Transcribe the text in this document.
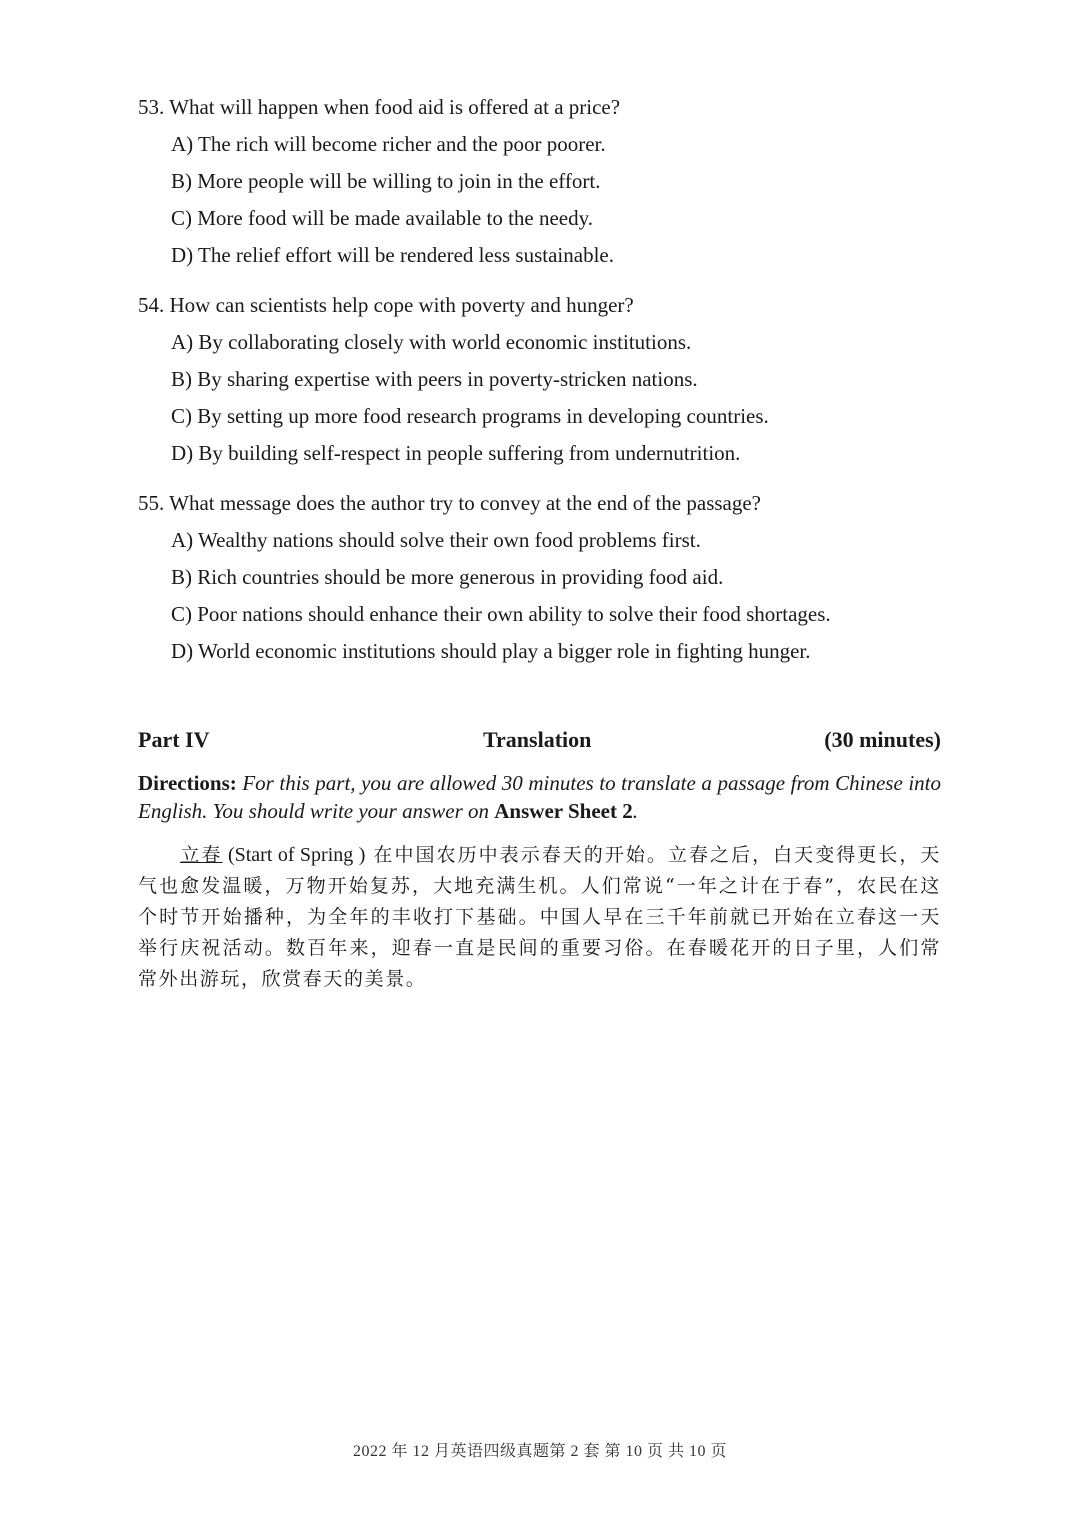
53. What will happen when food aid is offered at a price?
A) The rich will become richer and the poor poorer.
B) More people will be willing to join in the effort.
C) More food will be made available to the needy.
D) The relief effort will be rendered less sustainable.
54. How can scientists help cope with poverty and hunger?
A) By collaborating closely with world economic institutions.
B) By sharing expertise with peers in poverty-stricken nations.
C) By setting up more food research programs in developing countries.
D) By building self-respect in people suffering from undernutrition.
55. What message does the author try to convey at the end of the passage?
A) Wealthy nations should solve their own food problems first.
B) Rich countries should be more generous in providing food aid.
C) Poor nations should enhance their own ability to solve their food shortages.
D) World economic institutions should play a bigger role in fighting hunger.
Part IV	Translation	(30 minutes)
Directions: For this part, you are allowed 30 minutes to translate a passage from Chinese into English. You should write your answer on Answer Sheet 2.
立春 (Start of Spring ) 在中国农历中表示春天的开始。立春之后，白天变得更长，天气也愈发温暖，万物开始复苏，大地充满生机。人们常说“一年之计在于春”，农民在这个时节开始播种，为全年的丰收打下基础。中国人早在三千年前就已开始在立春这一天举行庆祝活动。数百年来，迎春一直是民间的重要习俗。在春暖花开的日子里，人们常常外出游玩，欣赏春天的美景。
2022 年 12 月英语四级真题第 2 套 第 10 页 共 10 页
